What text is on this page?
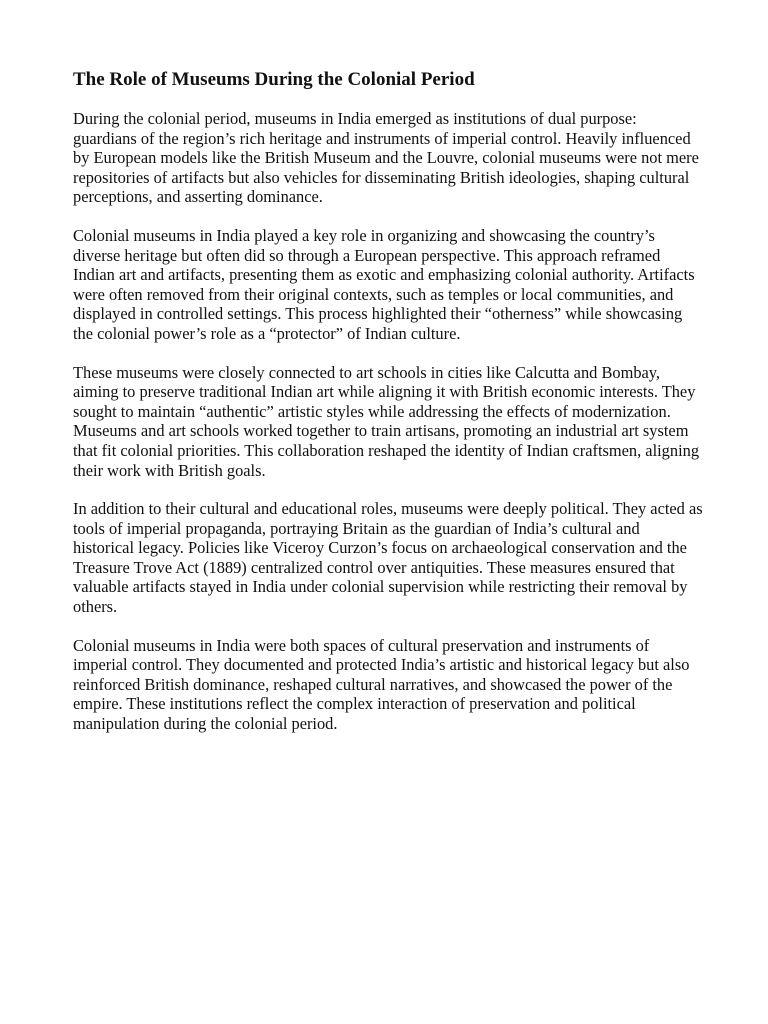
The Role of Museums During the Colonial Period

During the colonial period, museums in India emerged as institutions of dual purpose: guardians of the region’s rich heritage and instruments of imperial control. Heavily influenced by European models like the British Museum and the Louvre, colonial museums were not mere repositories of artifacts but also vehicles for disseminating British ideologies, shaping cultural perceptions, and asserting dominance.

Colonial museums in India played a key role in organizing and showcasing the country’s diverse heritage but often did so through a European perspective. This approach reframed Indian art and artifacts, presenting them as exotic and emphasizing colonial authority. Artifacts were often removed from their original contexts, such as temples or local communities, and displayed in controlled settings. This process highlighted their “otherness” while showcasing the colonial power’s role as a “protector” of Indian culture.

These museums were closely connected to art schools in cities like Calcutta and Bombay, aiming to preserve traditional Indian art while aligning it with British economic interests. They sought to maintain “authentic” artistic styles while addressing the effects of modernization. Museums and art schools worked together to train artisans, promoting an industrial art system that fit colonial priorities. This collaboration reshaped the identity of Indian craftsmen, aligning their work with British goals.

In addition to their cultural and educational roles, museums were deeply political. They acted as tools of imperial propaganda, portraying Britain as the guardian of India’s cultural and historical legacy. Policies like Viceroy Curzon’s focus on archaeological conservation and the Treasure Trove Act (1889) centralized control over antiquities. These measures ensured that valuable artifacts stayed in India under colonial supervision while restricting their removal by others.

Colonial museums in India were both spaces of cultural preservation and instruments of imperial control. They documented and protected India’s artistic and historical legacy but also reinforced British dominance, reshaped cultural narratives, and showcased the power of the empire. These institutions reflect the complex interaction of preservation and political manipulation during the colonial period.
